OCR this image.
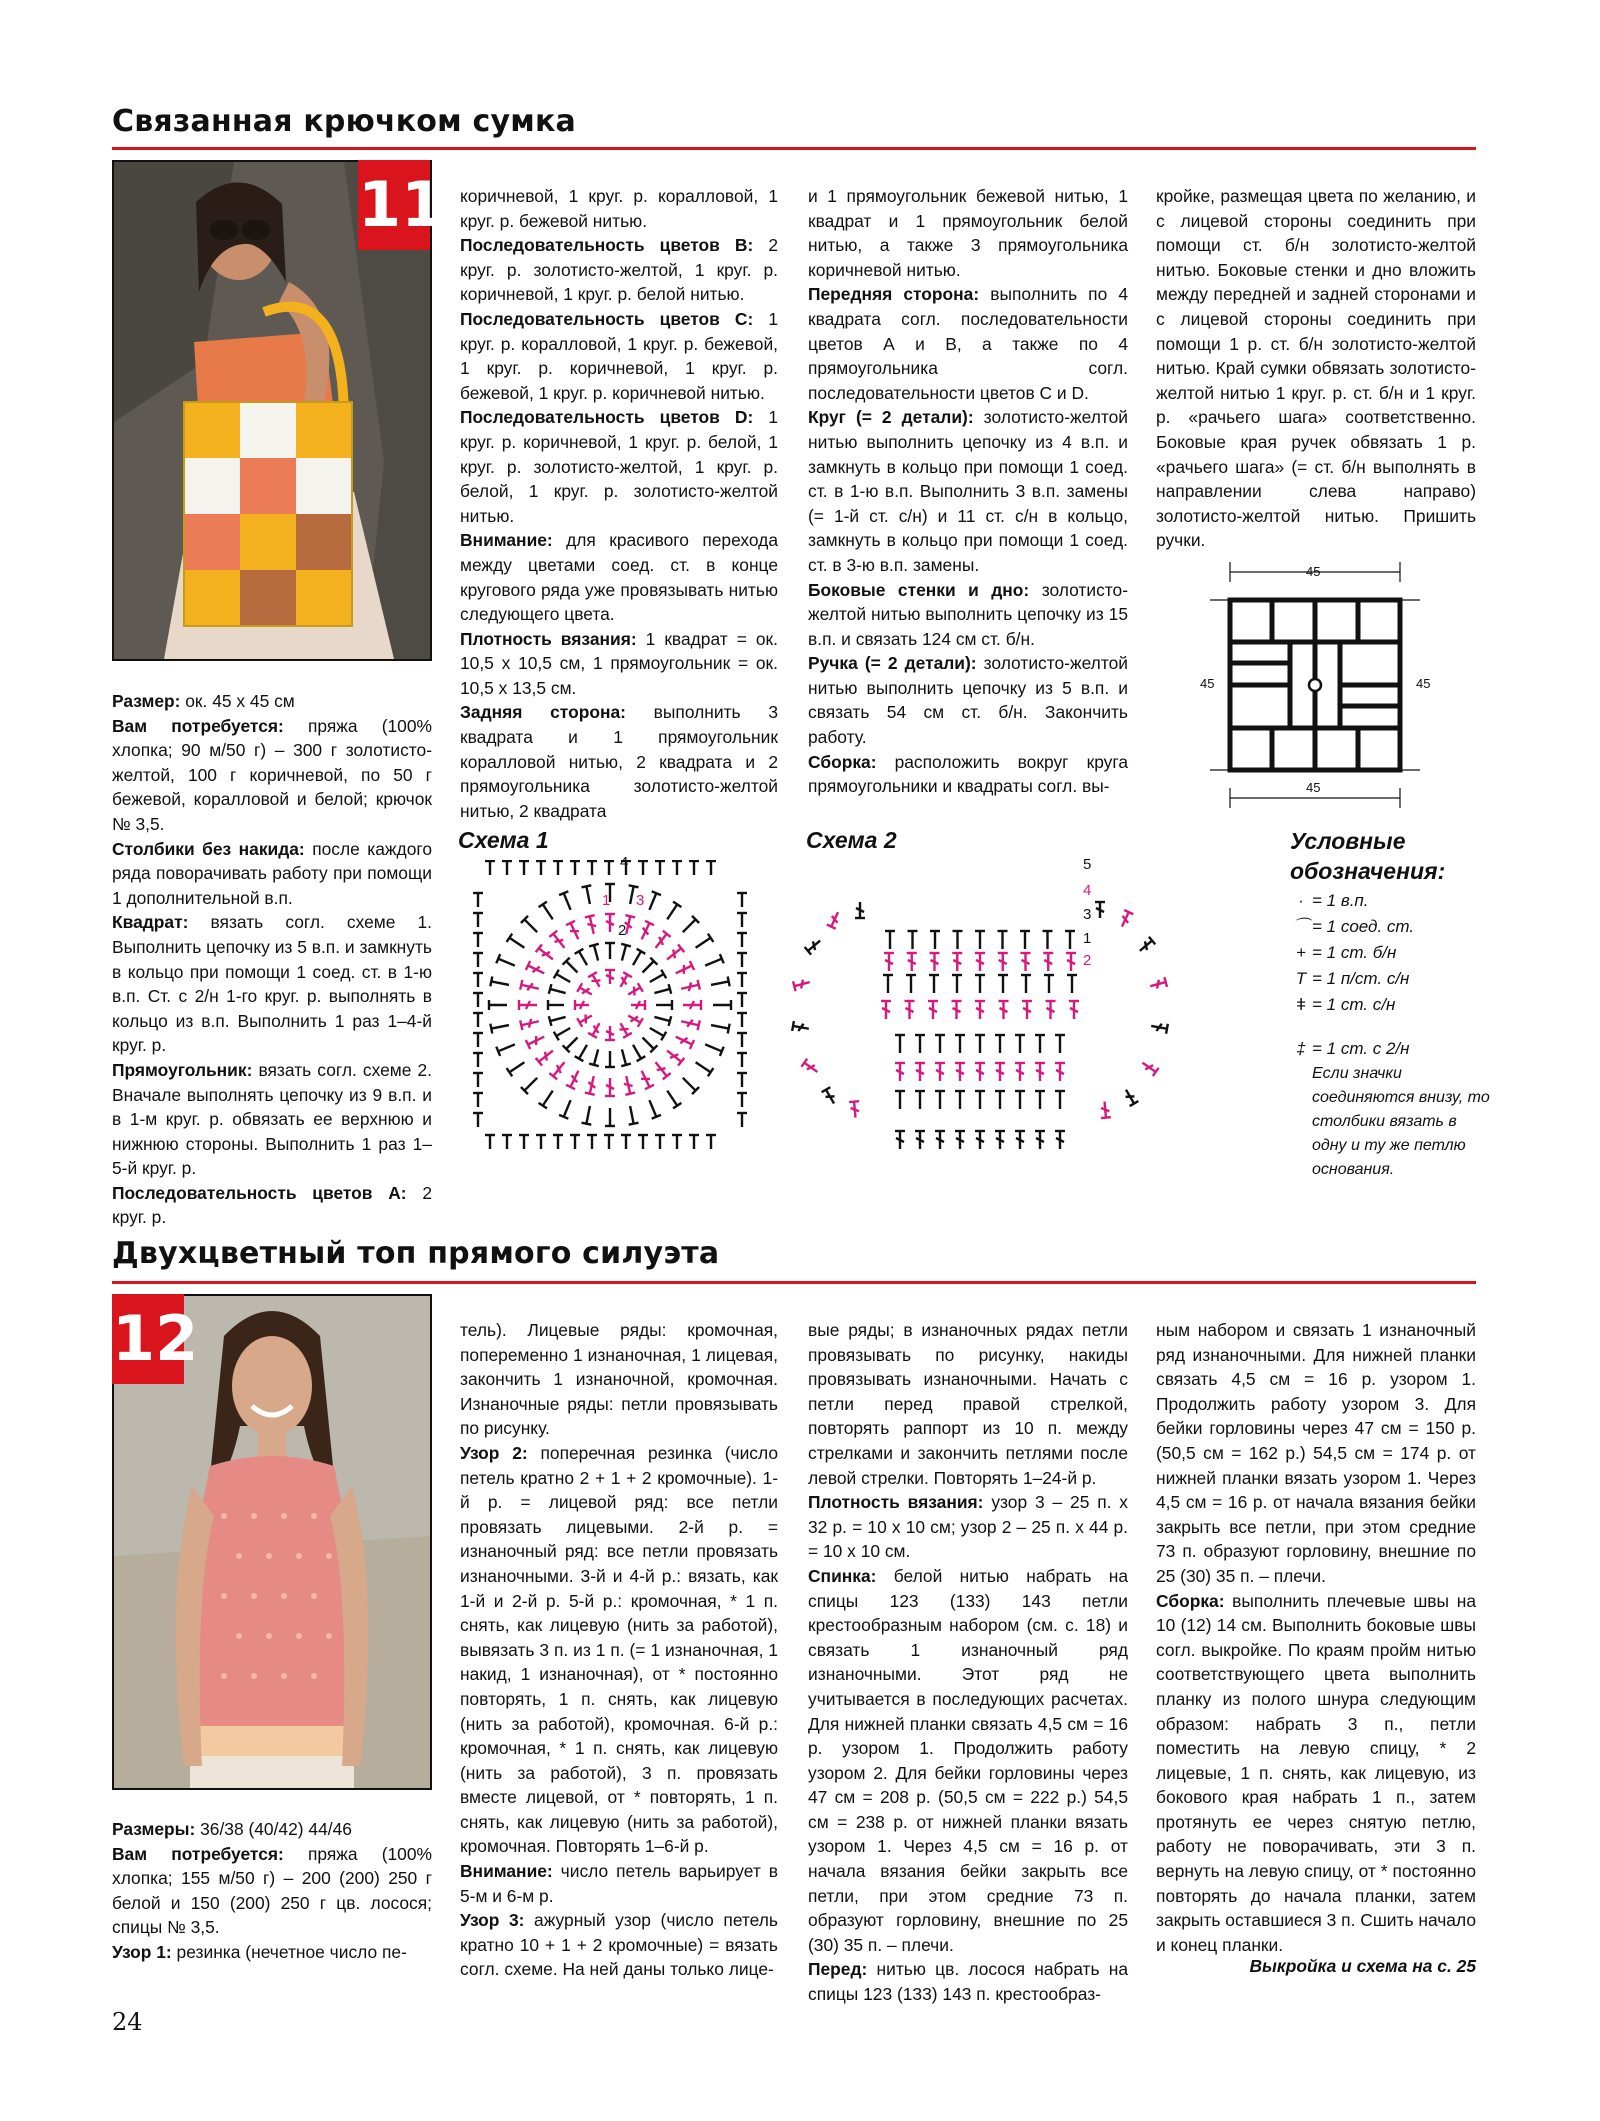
Связанная крючком сумка
11

Размер: ок. 45 х 45 см

Вам потребуется: пряжа (100% хлопка; 90 м/50 г) – 300 г золотисто-желтой, 100 г коричневой, по 50 г бежевой, коралловой и белой; крючок № 3,5.

Столбики без накида: после каждого ряда поворачивать работу при помощи 1 дополнительной в.п.

Квадрат: вязать согл. схеме 1. Выполнить цепочку из 5 в.п. и замкнуть в кольцо при помощи 1 соед. ст. в 1-ю в.п. Ст. с 2/н 1-го круг. р. выполнять в кольцо из в.п. Выполнить 1 раз 1–4-й круг. р.

Прямоугольник: вязать согл. схеме 2. Вначале выполнять цепочку из 9 в.п. и в 1-м круг. р. обвязать ее верхнюю и нижнюю стороны. Выполнить 1 раз 1–5-й круг. р.

Последовательность цветов А: 2 круг. р.

коричневой, 1 круг. р. коралловой, 1 круг. р. бежевой нитью.

Последовательность цветов В: 2 круг. р. золотисто-желтой, 1 круг. р. коричневой, 1 круг. р. белой нитью.

Последовательность цветов С: 1 круг. р. коралловой, 1 круг. р. бежевой, 1 круг. р. коричневой, 1 круг. р. бежевой, 1 круг. р. коричневой нитью.

Последовательность цветов D: 1 круг. р. коричневой, 1 круг. р. белой, 1 круг. р. золотисто-желтой, 1 круг. р. белой, 1 круг. р. золотисто-желтой нитью.

Внимание: для красивого перехода между цветами соед. ст. в конце кругового ряда уже провязывать нитью следующего цвета.

Плотность вязания: 1 квадрат = ок. 10,5 х 10,5 см, 1 прямоугольник = ок. 10,5 х 13,5 см.

Задняя сторона: выполнить 3 квадрата и 1 прямоугольник коралловой нитью, 2 квадрата и 2 прямоугольника золотисто-желтой нитью, 2 квадрата

и 1 прямоугольник бежевой нитью, 1 квадрат и 1 прямоугольник белой нитью, а также 3 прямоугольника коричневой нитью.

Передняя сторона: выполнить по 4 квадрата согл. последовательности цветов А и В, а также по 4 прямоугольника согл. последовательности цветов С и D.

Круг (= 2 детали): золотисто-желтой нитью выполнить цепочку из 4 в.п. и замкнуть в кольцо при помощи 1 соед. ст. в 1-ю в.п. Выполнить 3 в.п. замены (= 1-й ст. с/н) и 11 ст. с/н в кольцо, замкнуть в кольцо при помощи 1 соед. ст. в 3-ю в.п. замены.

Боковые стенки и дно: золотисто-желтой нитью выполнить цепочку из 15 в.п. и связать 124 см ст. б/н.

Ручка (= 2 детали): золотисто-желтой нитью выполнить цепочку из 5 в.п. и связать 54 см ст. б/н. Закончить работу.

Сборка: расположить вокруг круга прямоугольники и квадраты согл. вы-

кройке, размещая цвета по желанию, и с лицевой стороны соединить при помощи ст. б/н золотисто-желтой нитью. Боковые стенки и дно вложить между передней и задней сторонами и с лицевой стороны соединить при помощи 1 р. ст. б/н золотисто-желтой нитью. Край сумки обвязать золотисто-желтой нитью 1 круг. р. ст. б/н и 1 круг. р. «рачьего шага» соответственно. Боковые края ручек обвязать 1 р. «рачьего шага» (= ст. б/н выполнять в направлении слева направо) золотисто-желтой нитью. Пришить ручки.

45
45
45	45
Схема 1	Схема 2
4
3
2
1
5
4
3
2
1
Условные обозначения:
· = 1 в.п.
⌒ = 1 соед. ст.
+ = 1 ст. б/н
T = 1 п/ст. с/н
ǂ = 1 ст. с/н
‡ = 1 ст. с 2/н
Если значки соединяются внизу, то столбики вязать в одну и ту же петлю основания.
Двухцветный топ прямого силуэта
12

Размеры: 36/38 (40/42) 44/46

Вам потребуется: пряжа (100% хлопка; 155 м/50 г) – 200 (200) 250 г белой и 150 (200) 250 г цв. лосося; спицы № 3,5.

Узор 1: резинка (нечетное число пе-

тель). Лицевые ряды: кромочная, попеременно 1 изнаночная, 1 лицевая, закончить 1 изнаночной, кромочная. Изнаночные ряды: петли провязывать по рисунку.

Узор 2: поперечная резинка (число петель кратно 2 + 1 + 2 кромочные). 1-й р. = лицевой ряд: все петли провязать лицевыми. 2-й р. = изнаночный ряд: все петли провязать изнаночными. 3-й и 4-й р.: вязать, как 1-й и 2-й р. 5-й р.: кромочная, * 1 п. снять, как лицевую (нить за работой), вывязать 3 п. из 1 п. (= 1 изнаночная, 1 накид, 1 изнаночная), от * постоянно повторять, 1 п. снять, как лицевую (нить за работой), кромочная. 6-й р.: кромочная, * 1 п. снять, как лицевую (нить за работой), 3 п. провязать вместе лицевой, от * повторять, 1 п. снять, как лицевую (нить за работой), кромочная. Повторять 1–6-й р.

Внимание: число петель варьирует в 5-м и 6-м р.

Узор 3: ажурный узор (число петель кратно 10 + 1 + 2 кромочные) = вязать согл. схеме. На ней даны только лице-

вые ряды; в изнаночных рядах петли провязывать по рисунку, накиды провязывать изнаночными. Начать с петли перед правой стрелкой, повторять раппорт из 10 п. между стрелками и закончить петлями после левой стрелки. Повторять 1–24-й р.

Плотность вязания: узор 3 – 25 п. х 32 р. = 10 х 10 см; узор 2 – 25 п. х 44 р. = 10 х 10 см.

Спинка: белой нитью набрать на спицы 123 (133) 143 петли крестообразным набором (см. с. 18) и связать 1 изнаночный ряд изнаночными. Этот ряд не учитывается в последующих расчетах. Для нижней планки связать 4,5 см = 16 р. узором 1. Продолжить работу узором 2. Для бейки горловины через 47 см = 208 р. (50,5 см = 222 р.) 54,5 см = 238 р. от нижней планки вязать узором 1. Через 4,5 см = 16 р. от начала вязания бейки закрыть все петли, при этом средние 73 п. образуют горловину, внешние по 25 (30) 35 п. – плечи.

Перед: нитью цв. лосося набрать на спицы 123 (133) 143 п. крестообраз-

ным набором и связать 1 изнаночный ряд изнаночными. Для нижней планки связать 4,5 см = 16 р. узором 1. Продолжить работу узором 3. Для бейки горловины через 47 см = 150 р. (50,5 см = 162 р.) 54,5 см = 174 р. от нижней планки вязать узором 1. Через 4,5 см = 16 р. от начала вязания бейки закрыть все петли, при этом средние 73 п. образуют горловину, внешние по 25 (30) 35 п. – плечи.

Сборка: выполнить плечевые швы на 10 (12) 14 см. Выполнить боковые швы согл. выкройке. По краям пройм нитью соответствующего цвета выполнить планку из полого шнура следующим образом: набрать 3 п., петли поместить на левую спицу, * 2 лицевые, 1 п. снять, как лицевую, из бокового края набрать 1 п., затем протянуть ее через снятую петлю, работу не поворачивать, эти 3 п. вернуть на левую спицу, от * постоянно повторять до начала планки, затем закрыть оставшиеся 3 п. Сшить начало и конец планки.

Выкройка и схема на с. 25
24
